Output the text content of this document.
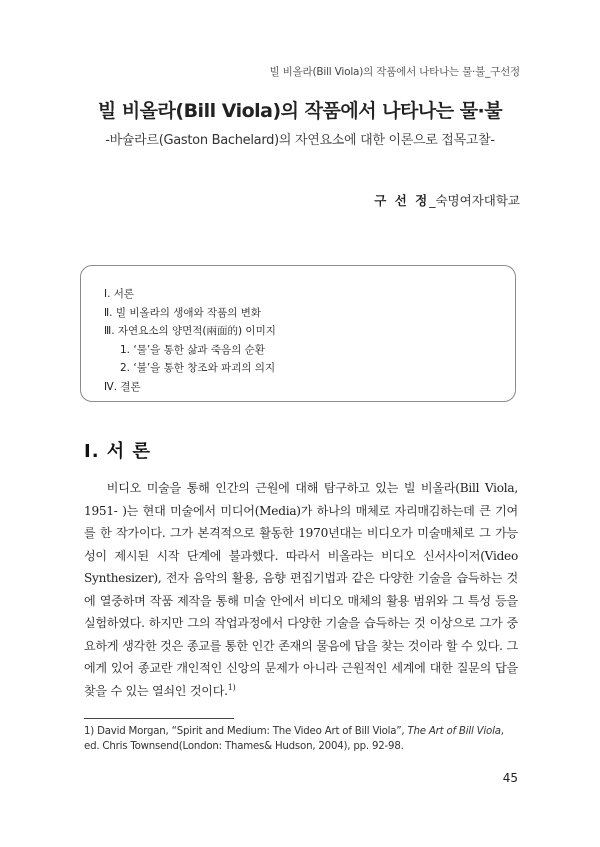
빌 비올라(Bill Viola)의 작품에서 나타나는 물·불_구선정
빌 비올라(Bill Viola)의 작품에서 나타나는 물·불
-바슐라르(Gaston Bachelard)의 자연요소에 대한 이론으로 접목고찰-
구 선 정_숙명여자대학교
Ⅰ. 서론
Ⅱ. 빌 비올라의 생애와 작품의 변화
Ⅲ. 자연요소의 양면적(兩面的) 이미지
1. ‘물’을 통한 삶과 죽음의 순환
2. ‘불’을 통한 창조와 파괴의 의지
Ⅳ. 결론
Ⅰ. 서 론
비디오 미술을 통해 인간의 근원에 대해 탐구하고 있는 빌 비올라(Bill Viola, 1951- )는 현대 미술에서 미디어(Media)가 하나의 매체로 자리매김하는데 큰 기여를 한 작가이다. 그가 본격적으로 활동한 1970년대는 비디오가 미술매체로 그 가능성이 제시된 시작 단계에 불과했다. 따라서 비올라는 비디오 신서사이저(Video Synthesizer), 전자 음악의 활용, 음향 편집기법과 같은 다양한 기술을 습득하는 것에 열중하며 작품 제작을 통해 미술 안에서 비디오 매체의 활용 범위와 그 특성 등을 실험하였다. 하지만 그의 작업과정에서 다양한 기술을 습득하는 것 이상으로 그가 중요하게 생각한 것은 종교를 통한 인간 존재의 물음에 답을 찾는 것이라 할 수 있다. 그에게 있어 종교란 개인적인 신앙의 문제가 아니라 근원적인 세계에 대한 질문의 답을 찾을 수 있는 열쇠인 것이다.$^{1)}$
1) David Morgan, “Spirit and Medium: The Video Art of Bill Viola”, The Art of Bill Viola, ed. Chris Townsend(London: Thames& Hudson, 2004), pp. 92-98.
45
